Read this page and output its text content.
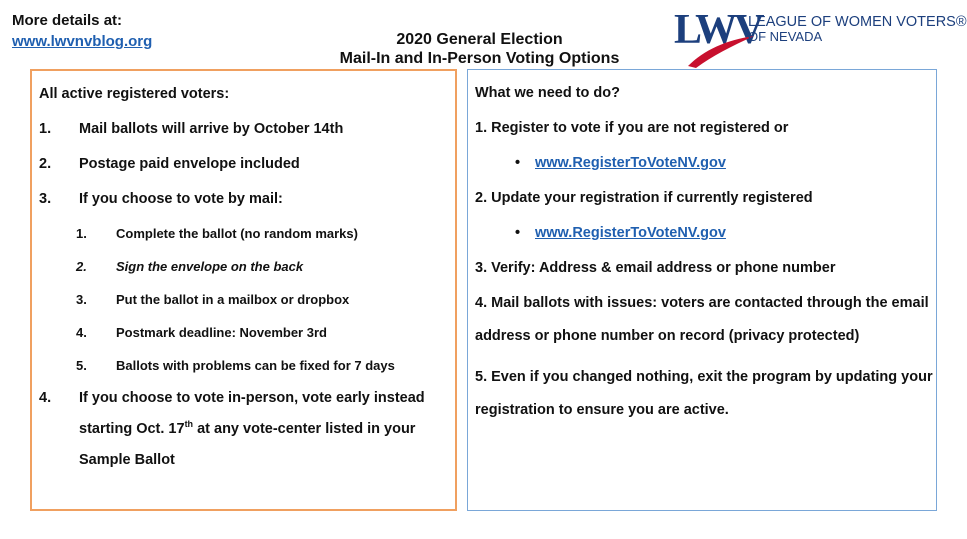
More details at:
www.lwvnvblog.org	2020 General Election
Mail-In and In-Person Voting Options
LWV
LEAGUE OF WOMEN VOTERS®
OF NEVADA
All active registered voters:
1.	Mail ballots will arrive by October 14th
2.	Postage paid envelope included
3.	If you choose to vote by mail:
1.	Complete the ballot (no random marks)
2.	Sign the envelope on the back
3.	Put the ballot in a mailbox or dropbox
4.	Postmark deadline: November 3rd
5.	Ballots with problems can be fixed for 7 days
4.	If you choose to vote in-person, vote early instead starting Oct. 17th at any vote-center listed in your Sample Ballot
What we need to do?
1. Register to vote if you are not registered or
• www.RegisterToVoteNV.gov
2. Update your registration if currently registered
• www.RegisterToVoteNV.gov
3. Verify: Address & email address or phone number
4. Mail ballots with issues: voters are contacted through the email address or phone number on record (privacy protected)
5. Even if you changed nothing, exit the program by updating your registration to ensure you are active.
